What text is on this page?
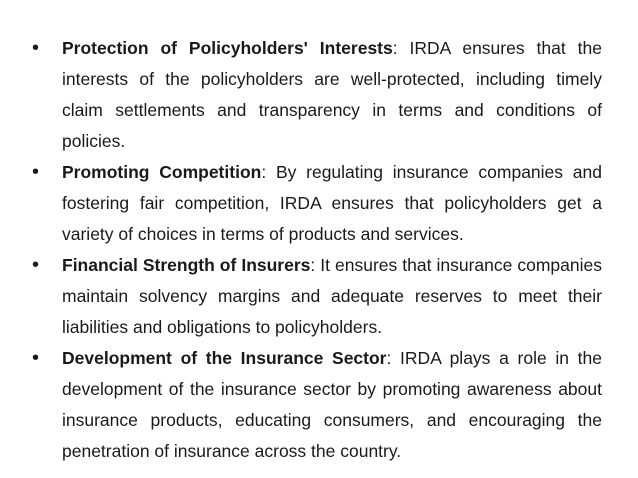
• Protection of Policyholders' Interests: IRDA ensures that the interests of the policyholders are well-protected, including timely claim settlements and transparency in terms and conditions of policies.
• Promoting Competition: By regulating insurance companies and fostering fair competition, IRDA ensures that policyholders get a variety of choices in terms of products and services.
• Financial Strength of Insurers: It ensures that insurance companies maintain solvency margins and adequate reserves to meet their liabilities and obligations to policyholders.
• Development of the Insurance Sector: IRDA plays a role in the development of the insurance sector by promoting awareness about insurance products, educating consumers, and encouraging the penetration of insurance across the country.
